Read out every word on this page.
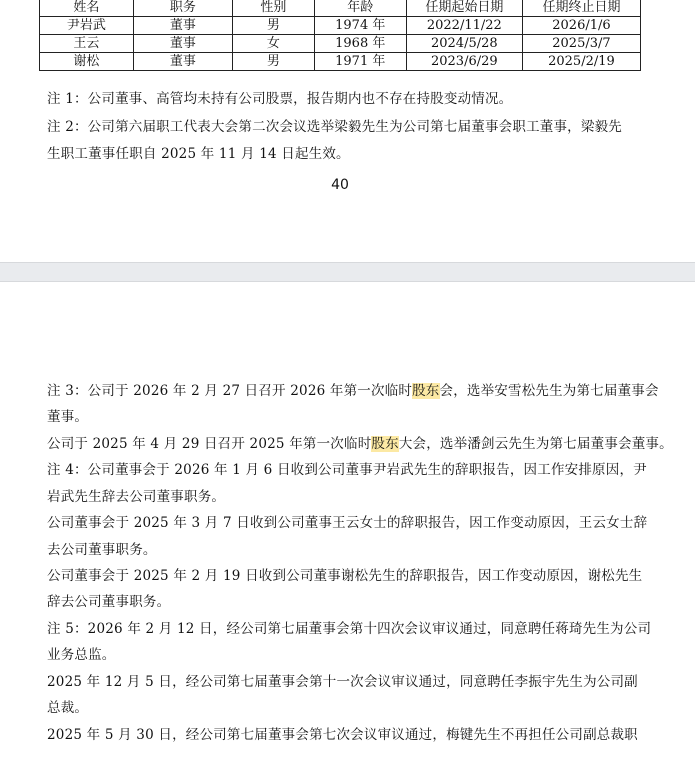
姓名	职务	性别	年龄	任期起始日期	任期终止日期
尹岩武	董事	男	1974 年	2022/11/22	2026/1/6
王云	董事	女	1968 年	2024/5/28	2025/3/7
谢松	董事	男	1971 年	2023/6/29	2025/2/19

注 1：公司董事、高管均未持有公司股票，报告期内也不存在持股变动情况。

注 2：公司第六届职工代表大会第二次会议选举梁毅先生为公司第七届董事会职工董事，梁毅先

生职工董事任职自 2025 年 11 月 14 日起生效。

40

注 3：公司于 2026 年 2 月 27 日召开 2026 年第一次临时股东会，选举安雪松先生为第七届董事会

董事。

公司于 2025 年 4 月 29 日召开 2025 年第一次临时股东大会，选举潘剑云先生为第七届董事会董事。

注 4：公司董事会于 2026 年 1 月 6 日收到公司董事尹岩武先生的辞职报告，因工作安排原因，尹

岩武先生辞去公司董事职务。

公司董事会于 2025 年 3 月 7 日收到公司董事王云女士的辞职报告，因工作变动原因，王云女士辞

去公司董事职务。

公司董事会于 2025 年 2 月 19 日收到公司董事谢松先生的辞职报告，因工作变动原因，谢松先生

辞去公司董事职务。

注 5：2026 年 2 月 12 日，经公司第七届董事会第十四次会议审议通过，同意聘任蒋琦先生为公司

业务总监。

2025 年 12 月 5 日，经公司第七届董事会第十一次会议审议通过，同意聘任李振宇先生为公司副

总裁。

2025 年 5 月 30 日，经公司第七届董事会第七次会议审议通过，梅键先生不再担任公司副总裁职
